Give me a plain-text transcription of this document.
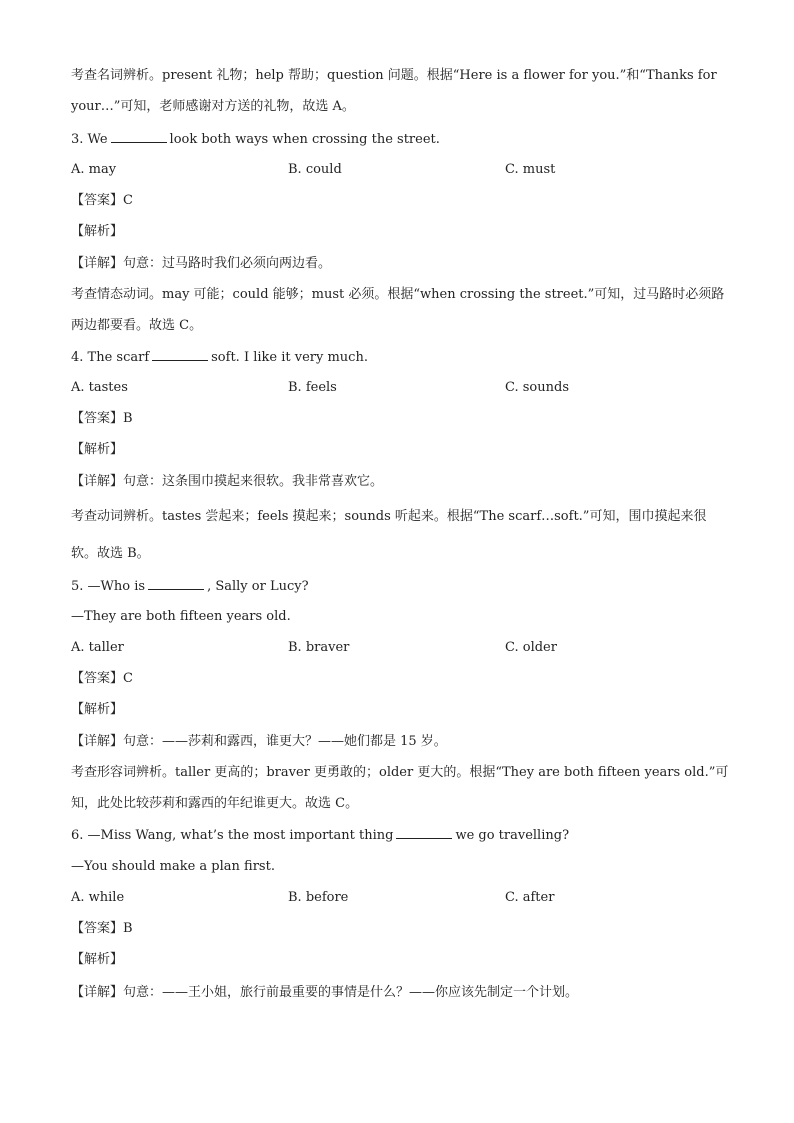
考查名词辨析。present 礼物；help 帮助；question 问题。根据“Here is a flower for you.”和“Thanks for
your…”可知，老师感谢对方送的礼物，故选 A。
3. We	look both ways when crossing the street.
A. may	B. could	C. must
【答案】C
【解析】
【详解】句意：过马路时我们必须向两边看。
考查情态动词。may 可能；could 能够；must 必须。根据“when crossing the street.”可知，过马路时必须路
两边都要看。故选 C。
4. The scarf	soft. I like it very much.
A. tastes	B. feels	C. sounds
【答案】B
【解析】
【详解】句意：这条围巾摸起来很软。我非常喜欢它。
考查动词辨析。tastes 尝起来；feels 摸起来；sounds 听起来。根据“The scarf…soft.”可知，围巾摸起来很
软。故选 B。
5. —Who is	, Sally or Lucy?
—They are both fifteen years old.
A. taller	B. braver	C. older
【答案】C
【解析】
【详解】句意：——莎莉和露西，谁更大？——她们都是 15 岁。
考查形容词辨析。taller 更高的；braver 更勇敢的；older 更大的。根据“They are both fifteen years old.”可
知，此处比较莎莉和露西的年纪谁更大。故选 C。
6. —Miss Wang, what’s the most important thing	we go travelling?
—You should make a plan first.
A. while	B. before	C. after
【答案】B
【解析】
【详解】句意：——王小姐，旅行前最重要的事情是什么？——你应该先制定一个计划。
